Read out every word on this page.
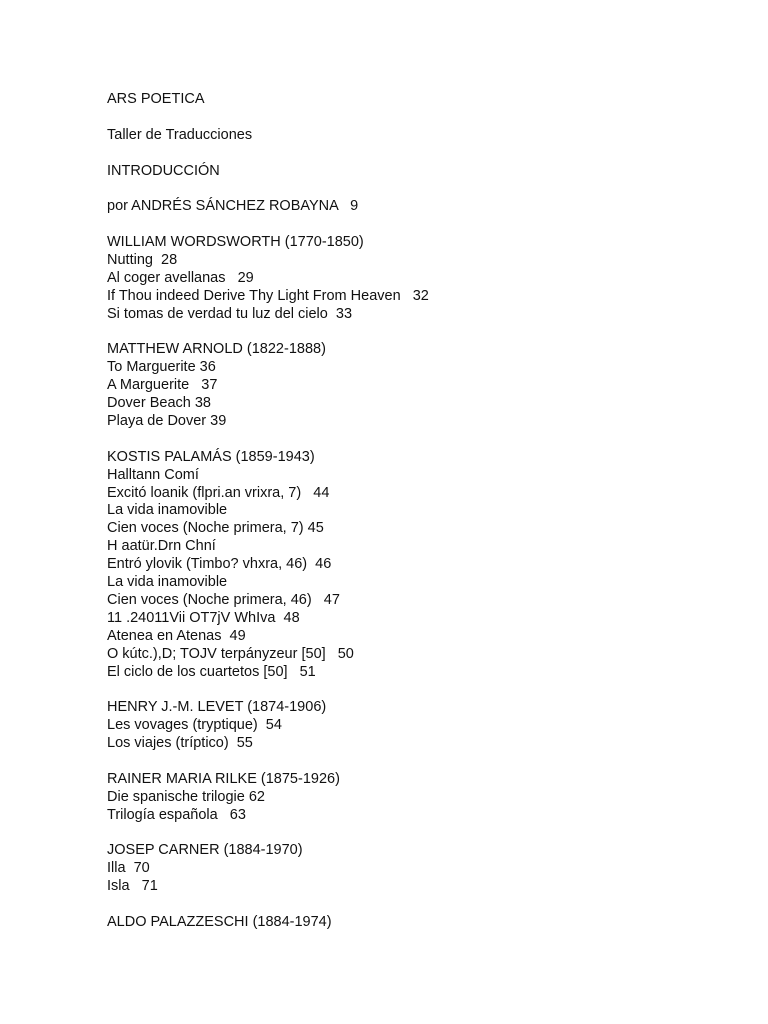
ARS POETICA

Taller de Traducciones

INTRODUCCIÓN

por ANDRÉS SÁNCHEZ ROBAYNA   9

WILLIAM WORDSWORTH (1770-1850)

Nutting  28

Al coger avellanas   29

If Thou indeed Derive Thy Light From Heaven   32

Si tomas de verdad tu luz del cielo  33

MATTHEW ARNOLD (1822-1888)

To Marguerite 36

A Marguerite   37

Dover Beach 38

Playa de Dover 39

KOSTIS PALAMÁS (1859-1943)

Halltann Comí

Excitó loanik (flpri.an vrixra, 7)   44

La vida inamovible

Cien voces (Noche primera, 7) 45

H aatür.Drn Chní

Entró ylovik (Timbo? vhxra, 46)  46

La vida inamovible

Cien voces (Noche primera, 46)   47

11 .24011Vii OT7jV WhIva  48

Atenea en Atenas  49

O kútc.),D; TOJV terpányzeur [50]   50

El ciclo de los cuartetos [50]   51

HENRY J.-M. LEVET (1874-1906)

Les vovages (tryptique)  54

Los viajes (tríptico)  55

RAINER MARIA RILKE (1875-1926)

Die spanische trilogie 62

Trilogía española   63

JOSEP CARNER (1884-1970)

Illa  70

Isla   71

ALDO PALAZZESCHI (1884-1974)
